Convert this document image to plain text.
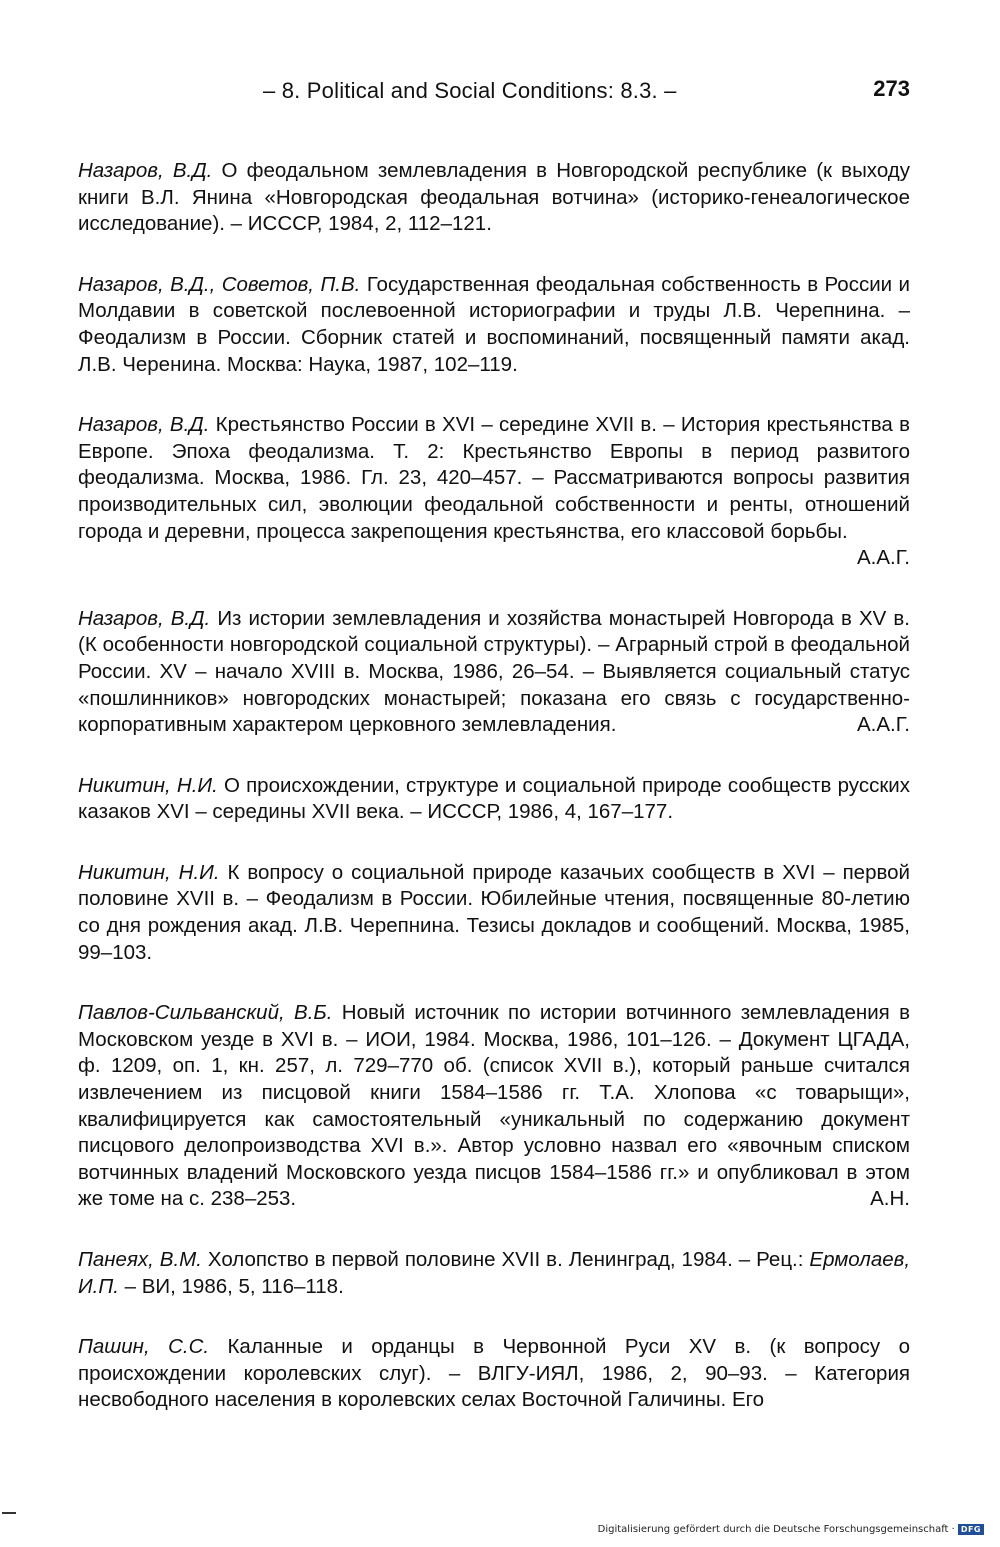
– 8. Political and Social Conditions: 8.3. –	273

Назаров, В.Д. О феодальном землевладения в Новгородской республике (к выходу книги В.Л. Янина «Новгородская феодальная вотчина» (историко-генеалогическое исследование). – ИСССР, 1984, 2, 112–121.

Назаров, В.Д., Советов, П.В. Государственная феодальная собственность в России и Молдавии в советской послевоенной историографии и труды Л.В. Черепнина. – Феодализм в России. Сборник статей и воспоминаний, посвященный памяти акад. Л.В. Черенина. Москва: Наука, 1987, 102–119.

Назаров, В.Д. Крестьянство России в XVI – середине XVII в. – История крестьянства в Европе. Эпоха феодализма. Т. 2: Крестьянство Европы в период развитого феодализма. Москва, 1986. Гл. 23, 420–457. – Рассматриваются вопросы развития производительных сил, эволюции феодальной собственности и ренты, отношений города и деревни, процесса закрепощения крестьянства, его классовой борьбы.
А.А.Г.

Назаров, В.Д. Из истории землевладения и хозяйства монастырей Новгорода в XV в. (К особенности новгородской социальной структуры). – Аграрный строй в феодальной России. XV – начало XVIII в. Москва, 1986, 26–54. – Выявляется социальный статус «пошлинников» новгородских монастырей; показана его связь с государственно-корпоративным характером церковного землевладения.	А.А.Г.

Никитин, Н.И. О происхождении, структуре и социальной природе сообществ русских казаков XVI – середины XVII века. – ИСССР, 1986, 4, 167–177.

Никитин, Н.И. К вопросу о социальной природе казачьих сообществ в XVI – первой половине XVII в. – Феодализм в России. Юбилейные чтения, посвященные 80-летию со дня рождения акад. Л.В. Черепнина. Тезисы докладов и сообщений. Москва, 1985, 99–103.

Павлов-Сильванский, В.Б. Новый источник по истории вотчинного землевладения в Московском уезде в XVI в. – ИОИ, 1984. Москва, 1986, 101–126. – Документ ЦГАДА, ф. 1209, оп. 1, кн. 257, л. 729–770 об. (список XVII в.), который раньше считался извлечением из писцовой книги 1584–1586 гг. Т.А. Хлопова «с товарыщи», квалифицируется как самостоятельный «уникальный по содержанию документ писцового делопроизводства XVI в.». Автор условно назвал его «явочным списком вотчинных владений Московского уезда писцов 1584–1586 гг.» и опубликовал в этом же томе на с. 238–253.	А.Н.

Панеях, В.М. Холопство в первой половине XVII в. Ленинград, 1984. – Рец.: Ермолаев, И.П. – ВИ, 1986, 5, 116–118.

Пашин, С.С. Каланные и орданцы в Червонной Руси XV в. (к вопросу о происхождении королевских слуг). – ВЛГУ-ИЯЛ, 1986, 2, 90–93. – Категория несвободного населения в королевских селах Восточной Галичины. Его

Digitalisierung gefördert durch die Deutsche Forschungsgemeinschaft · DFG
